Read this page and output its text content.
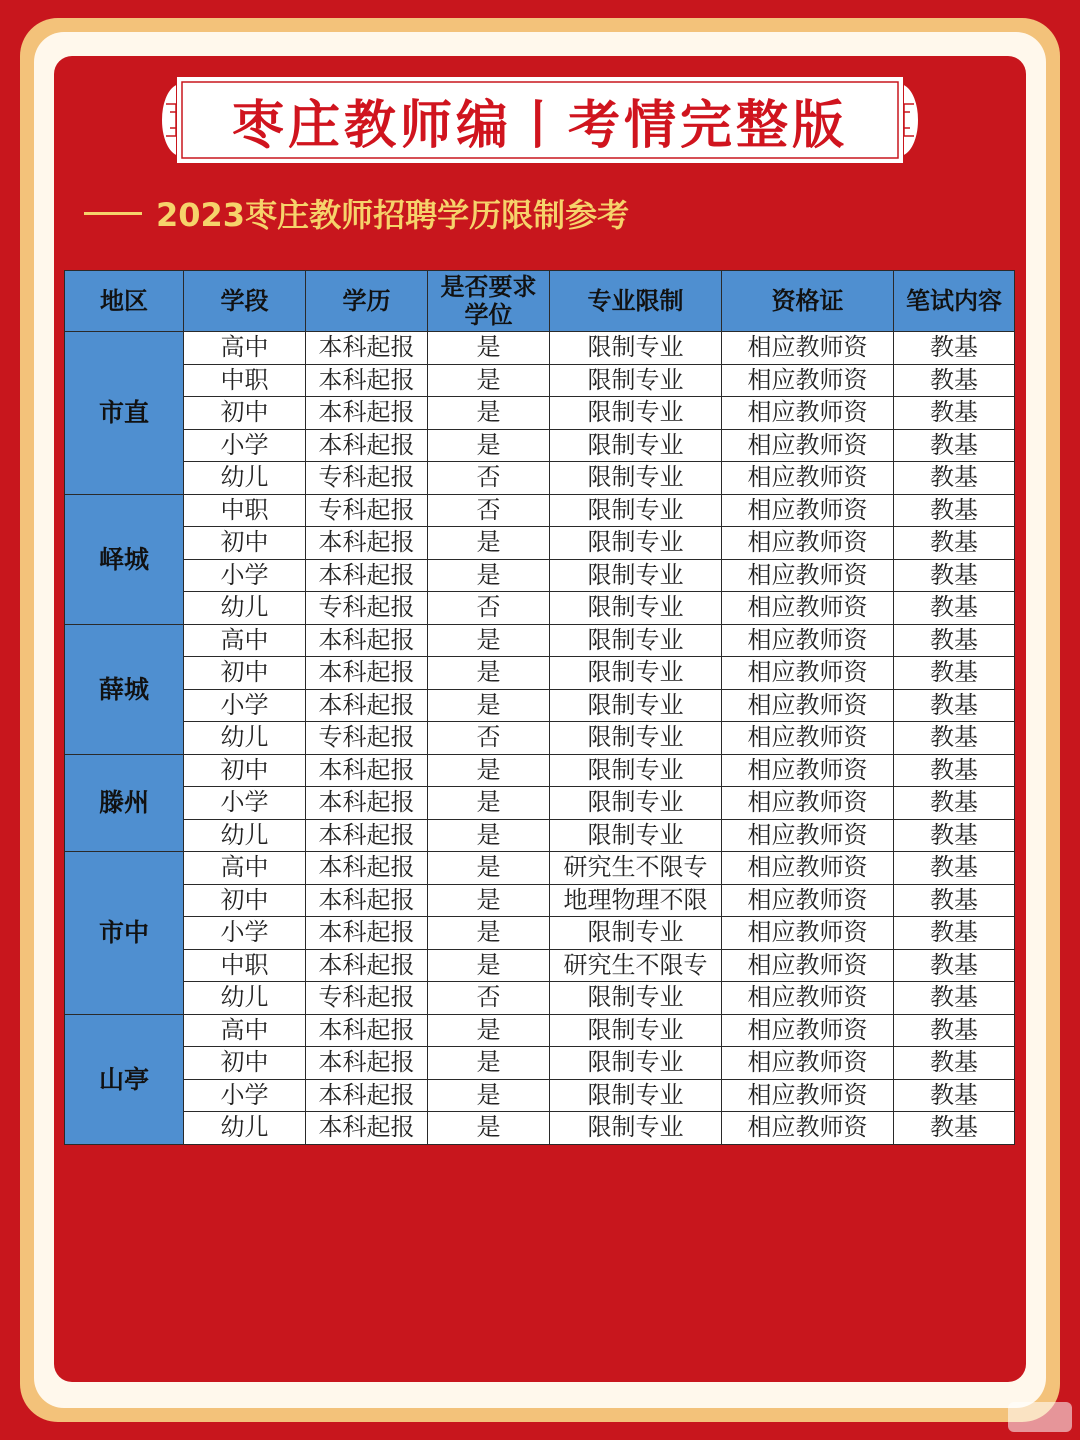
枣庄教师编丨考情完整版
2023枣庄教师招聘学历限制参考
地区	学段	学历	是否要求学位	专业限制	资格证	笔试内容
市直	高中	本科起报	是	限制专业	相应教师资	教基
	中职	本科起报	是	限制专业	相应教师资	教基
	初中	本科起报	是	限制专业	相应教师资	教基
	小学	本科起报	是	限制专业	相应教师资	教基
	幼儿	专科起报	否	限制专业	相应教师资	教基
峄城	中职	专科起报	否	限制专业	相应教师资	教基
	初中	本科起报	是	限制专业	相应教师资	教基
	小学	本科起报	是	限制专业	相应教师资	教基
	幼儿	专科起报	否	限制专业	相应教师资	教基
薛城	高中	本科起报	是	限制专业	相应教师资	教基
	初中	本科起报	是	限制专业	相应教师资	教基
	小学	本科起报	是	限制专业	相应教师资	教基
	幼儿	专科起报	否	限制专业	相应教师资	教基
滕州	初中	本科起报	是	限制专业	相应教师资	教基
	小学	本科起报	是	限制专业	相应教师资	教基
	幼儿	本科起报	是	限制专业	相应教师资	教基
市中	高中	本科起报	是	研究生不限专	相应教师资	教基
	初中	本科起报	是	地理物理不限	相应教师资	教基
	小学	本科起报	是	限制专业	相应教师资	教基
	中职	本科起报	是	研究生不限专	相应教师资	教基
	幼儿	专科起报	否	限制专业	相应教师资	教基
山亭	高中	本科起报	是	限制专业	相应教师资	教基
	初中	本科起报	是	限制专业	相应教师资	教基
	小学	本科起报	是	限制专业	相应教师资	教基
	幼儿	本科起报	是	限制专业	相应教师资	教基
